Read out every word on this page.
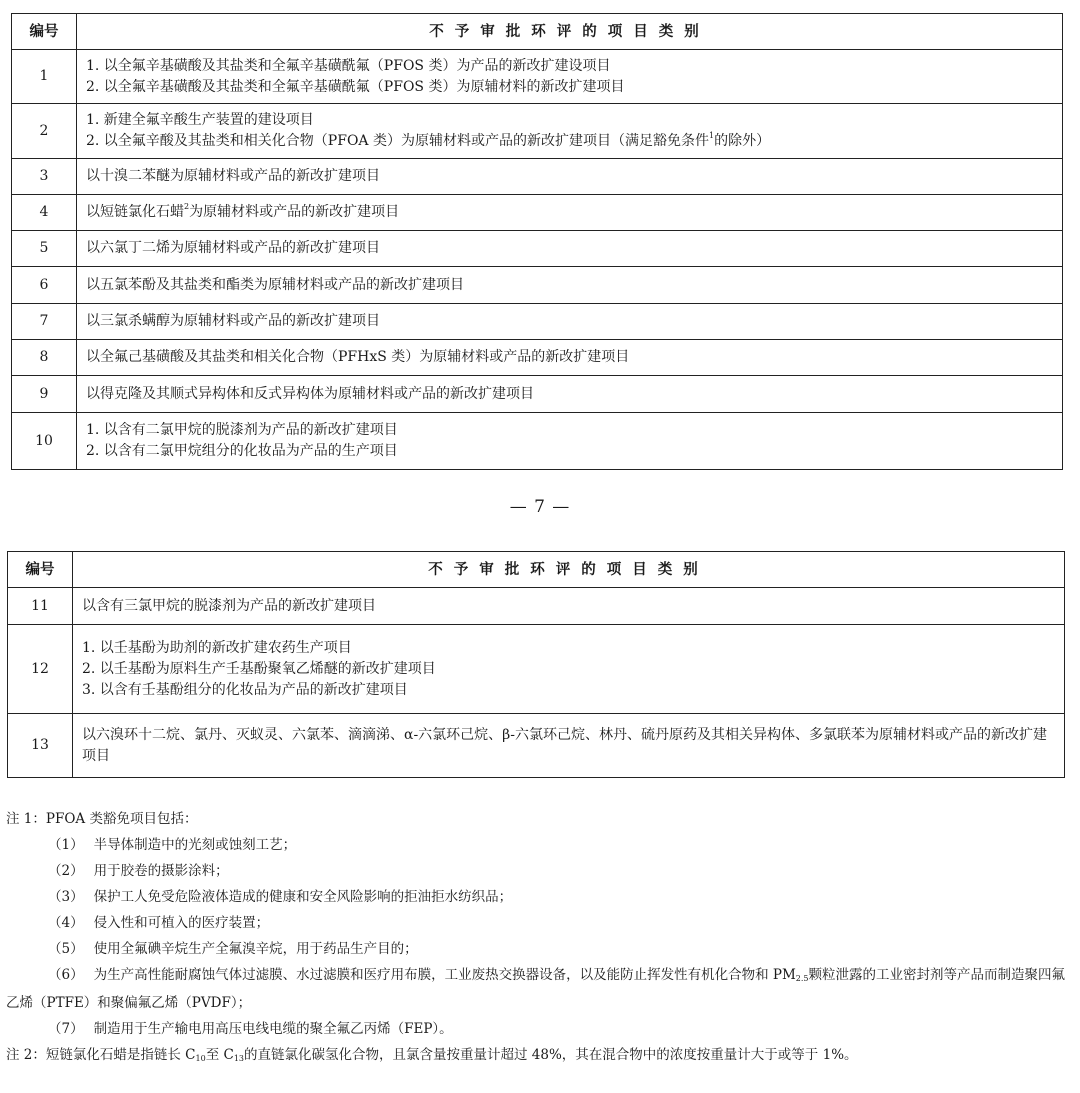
编号	不予审批环评的项目类别
1	1. 以全氟辛基磺酸及其盐类和全氟辛基磺酰氟（PFOS 类）为产品的新改扩建设项目
2. 以全氟辛基磺酸及其盐类和全氟辛基磺酰氟（PFOS 类）为原辅材料的新改扩建项目

2	1. 新建全氟辛酸生产装置的建设项目
2. 以全氟辛酸及其盐类和相关化合物（PFOA 类）为原辅材料或产品的新改扩建项目（满足豁免条件$^1$的除外）

3	以十溴二苯醚为原辅材料或产品的新改扩建项目
4	以短链氯化石蜡$^2$为原辅材料或产品的新改扩建项目
5	以六氯丁二烯为原辅材料或产品的新改扩建项目
6	以五氯苯酚及其盐类和酯类为原辅材料或产品的新改扩建项目
7	以三氯杀螨醇为原辅材料或产品的新改扩建项目
8	以全氟己基磺酸及其盐类和相关化合物（PFHxS 类）为原辅材料或产品的新改扩建项目
9	以得克隆及其顺式异构体和反式异构体为原辅材料或产品的新改扩建项目
10	1. 以含有二氯甲烷的脱漆剂为产品的新改扩建项目
2. 以含有二氯甲烷组分的化妆品为产品的生产项目
— 7 —
编号	不予审批环评的项目类别
11	以含有三氯甲烷的脱漆剂为产品的新改扩建项目
12	1. 以壬基酚为助剂的新改扩建农药生产项目
2. 以壬基酚为原料生产壬基酚聚氧乙烯醚的新改扩建项目
3. 以含有壬基酚组分的化妆品为产品的新改扩建项目

13	以六溴环十二烷、氯丹、灭蚁灵、六氯苯、滴滴涕、α-六氯环己烷、β-六氯环己烷、林丹、硫丹原药及其相关异构体、多氯联苯为原辅材料或产品的新改扩建项目
注 1：PFOA 类豁免项目包括：
（1） 半导体制造中的光刻或蚀刻工艺；
（2） 用于胶卷的摄影涂料；
（3） 保护工人免受危险液体造成的健康和安全风险影响的拒油拒水纺织品；
（4） 侵入性和可植入的医疗装置；
（5） 使用全氟碘辛烷生产全氟溴辛烷，用于药品生产目的；
（6） 为生产高性能耐腐蚀气体过滤膜、水过滤膜和医疗用布膜，工业废热交换器设备，以及能防止挥发性有机化合物和 $PM_{2.5}$颗粒泄露的工业密封剂等产品而制造聚四氟乙烯（PTFE）和聚偏氟乙烯（PVDF）；
（7） 制造用于生产输电用高压电线电缆的聚全氟乙丙烯（FEP）。
注 2：短链氯化石蜡是指链长 $C_{10}$至 $C_{13}$的直链氯化碳氢化合物，且氯含量按重量计超过 48%，其在混合物中的浓度按重量计大于或等于 1%。
